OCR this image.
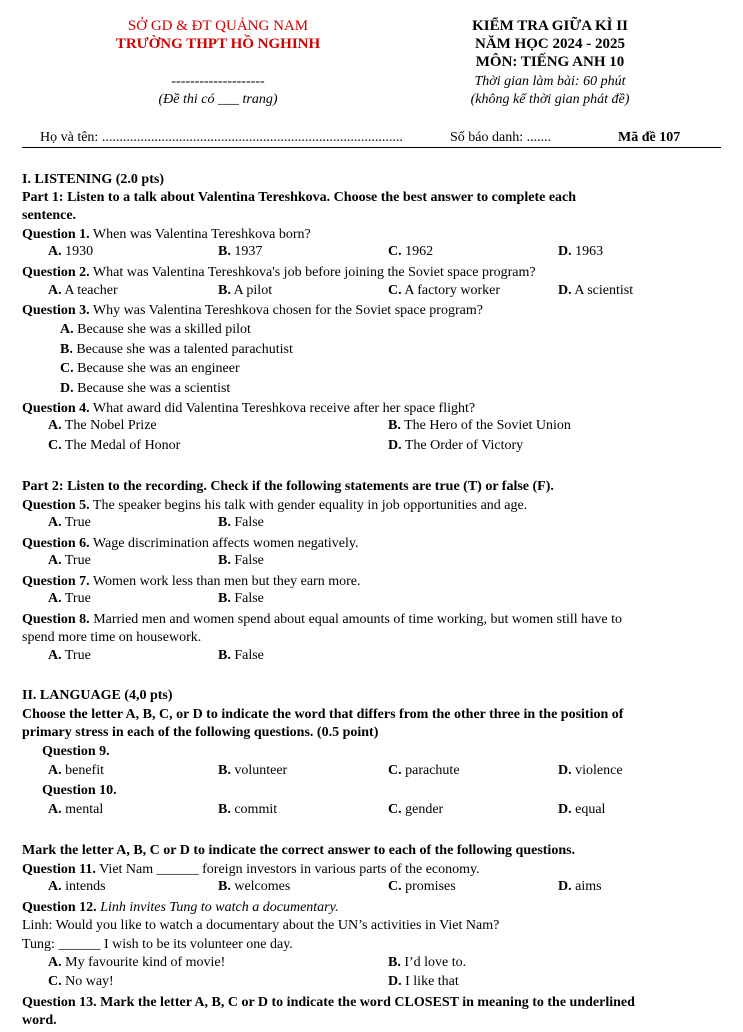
SỞ GD & ĐT QUẢNG NAM
TRƯỜNG THPT HỒ NGHINH
--------------------
(Đề thi có ___ trang)
KIỂM TRA GIỮA KÌ II
NĂM HỌC 2024 - 2025
MÔN: TIẾNG ANH 10
Thời gian làm bài: 60 phút
(không kể thời gian phát đề)
Họ và tên: ......................................................................................	Số báo danh: .......	Mã đề 107
I. LISTENING (2.0 pts)
Part 1: Listen to a talk about Valentina Tereshkova. Choose the best answer to complete each
sentence.
Question 1. When was Valentina Tereshkova born?
A. 1930	B. 1937	C. 1962	D. 1963
Question 2. What was Valentina Tereshkova's job before joining the Soviet space program?
A. A teacher	B. A pilot	C. A factory worker	D. A scientist
Question 3. Why was Valentina Tereshkova chosen for the Soviet space program?
A. Because she was a skilled pilot
B. Because she was a talented parachutist
C. Because she was an engineer
D. Because she was a scientist
Question 4. What award did Valentina Tereshkova receive after her space flight?
A. The Nobel Prize	B. The Hero of the Soviet Union
C. The Medal of Honor	D. The Order of Victory
Part 2: Listen to the recording. Check if the following statements are true (T) or false (F).
Question 5. The speaker begins his talk with gender equality in job opportunities and age.
A. True	B. False
Question 6. Wage discrimination affects women negatively.
A. True	B. False
Question 7. Women work less than men but they earn more.
A. True	B. False
Question 8. Married men and women spend about equal amounts of time working, but women still have to
spend more time on housework.
A. True	B. False
II. LANGUAGE (4,0 pts)
Choose the letter A, B, C, or D to indicate the word that differs from the other three in the position of
primary stress in each of the following questions. (0.5 point)
Question 9.
A. benefit	B. volunteer	C. parachute	D. violence
Question 10.
A. mental	B. commit	C. gender	D. equal
Mark the letter A, B, C or D to indicate the correct answer to each of the following questions.
Question 11. Viet Nam ______ foreign investors in various parts of the economy.
A. intends	B. welcomes	C. promises	D. aims
Question 12. Linh invites Tung to watch a documentary.
Linh: Would you like to watch a documentary about the UN’s activities in Viet Nam?
Tung: ______ I wish to be its volunteer one day.
A. My favourite kind of movie!	B. I’d love to.
C. No way!	D. I like that
Question 13. Mark the letter A, B, C or D to indicate the word CLOSEST in meaning to the underlined
word.
